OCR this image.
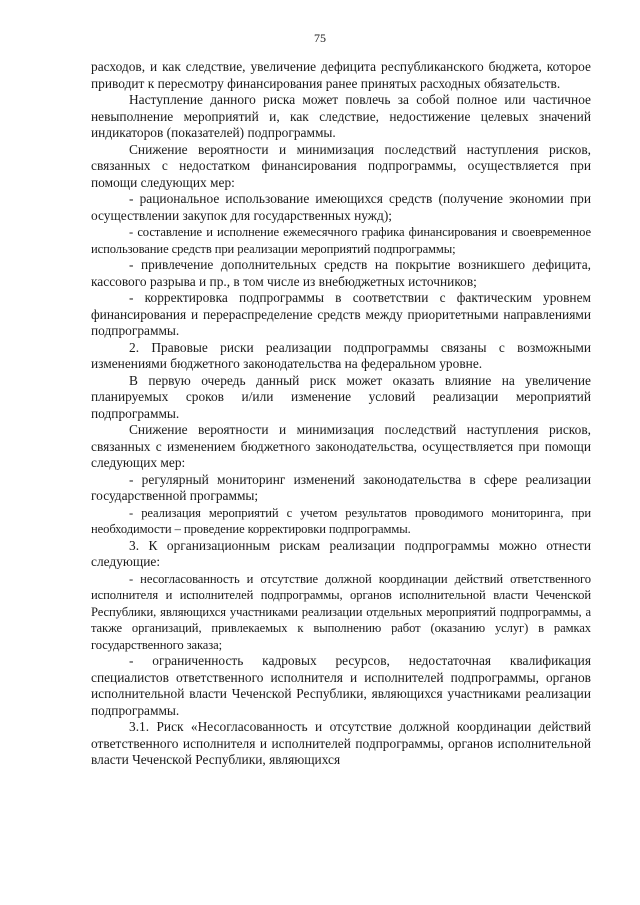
75

расходов, и как следствие, увеличение дефицита республиканского бюджета, которое приводит к пересмотру финансирования ранее принятых расходных обязательств.

Наступление данного риска может повлечь за собой полное или частичное невыполнение мероприятий и, как следствие, недостижение целевых значений индикаторов (показателей) подпрограммы.

Снижение вероятности и минимизация последствий наступления рисков, связанных с недостатком финансирования подпрограммы, осуществляется при помощи следующих мер:

- рациональное использование имеющихся средств (получение экономии при осуществлении закупок для государственных нужд);

- составление и исполнение ежемесячного графика финансирования и своевременное использование средств при реализации мероприятий подпрограммы;

- привлечение дополнительных средств на покрытие возникшего дефицита, кассового разрыва и пр., в том числе из внебюджетных источников;

- корректировка подпрограммы в соответствии с фактическим уровнем финансирования и перераспределение средств между приоритетными направлениями подпрограммы.

2. Правовые риски реализации подпрограммы связаны с возможными изменениями бюджетного законодательства на федеральном уровне.

В первую очередь данный риск может оказать влияние на увеличение планируемых сроков и/или изменение условий реализации мероприятий подпрограммы.

Снижение вероятности и минимизация последствий наступления рисков, связанных с изменением бюджетного законодательства, осуществляется при помощи следующих мер:

- регулярный мониторинг изменений законодательства в сфере реализации государственной программы;

- реализация мероприятий с учетом результатов проводимого мониторинга, при необходимости – проведение корректировки подпрограммы.

3. К организационным рискам реализации подпрограммы можно отнести следующие:

- несогласованность и отсутствие должной координации действий ответственного исполнителя и исполнителей подпрограммы, органов исполнительной власти Чеченской Республики, являющихся участниками реализации отдельных мероприятий подпрограммы, а также организаций, привлекаемых к выполнению работ (оказанию услуг) в рамках государственного заказа;

- ограниченность кадровых ресурсов, недостаточная квалификация специалистов ответственного исполнителя и исполнителей подпрограммы, органов исполнительной власти Чеченской Республики, являющихся участниками реализации подпрограммы.

3.1. Риск «Несогласованность и отсутствие должной координации действий ответственного исполнителя и исполнителей подпрограммы, органов исполнительной власти Чеченской Республики, являющихся
